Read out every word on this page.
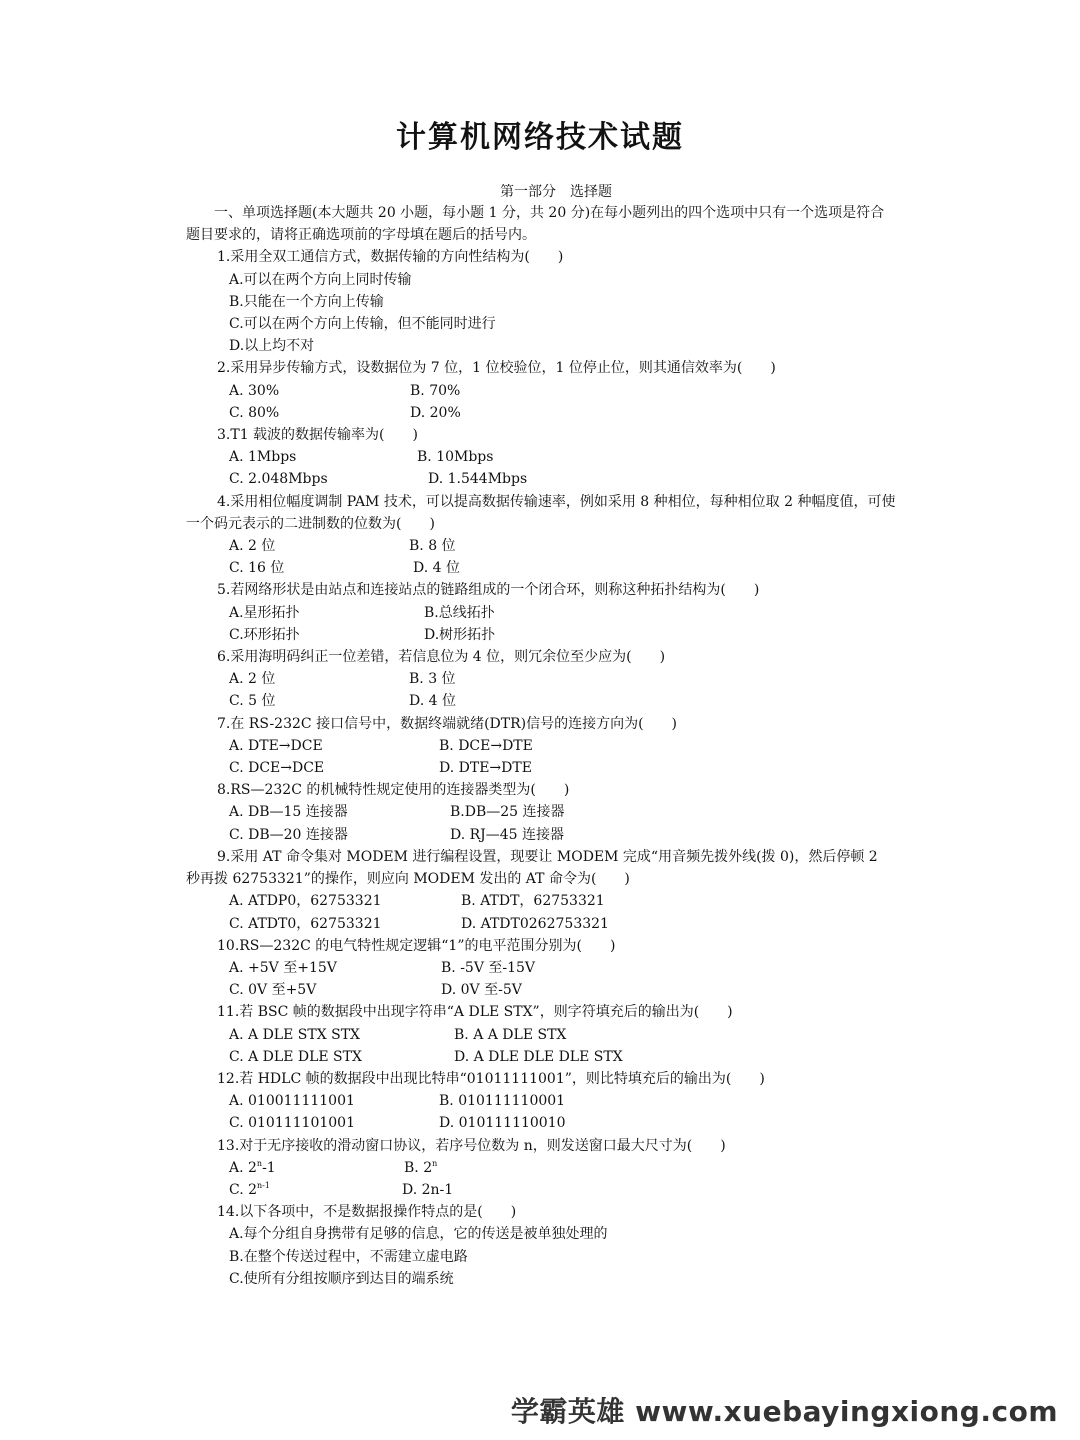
计算机网络技术试题
第一部分　选择题

一、单项选择题(本大题共 20 小题，每小题 1 分，共 20 分)在每小题列出的四个选项中只有一个选项是符合题目要求的，请将正确选项前的字母填在题后的括号内。

1.采用全双工通信方式，数据传输的方向性结构为(　　)

A.可以在两个方向上同时传输

B.只能在一个方向上传输

C.可以在两个方向上传输，但不能同时进行

D.以上均不对

2.采用异步传输方式，设数据位为 7 位，1 位校验位，1 位停止位，则其通信效率为(　　)

A. 30%	B. 70%
C. 80%	D. 20%

3.T1 载波的数据传输率为(　　)

A. 1Mbps	B. 10Mbps
C. 2.048Mbps	D. 1.544Mbps

4.采用相位幅度调制 PAM 技术，可以提高数据传输速率，例如采用 8 种相位，每种相位取 2 种幅度值，可使一个码元表示的二进制数的位数为(　　)

A. 2 位	B. 8 位
C. 16 位	D. 4 位

5.若网络形状是由站点和连接站点的链路组成的一个闭合环，则称这种拓扑结构为(　　)

A.星形拓扑	B.总线拓扑
C.环形拓扑	D.树形拓扑

6.采用海明码纠正一位差错，若信息位为 4 位，则冗余位至少应为(　　)

A. 2 位	B. 3 位
C. 5 位	D. 4 位

7.在 RS-232C 接口信号中，数据终端就绪(DTR)信号的连接方向为(　　)

A. DTE→DCE	B. DCE→DTE
C. DCE→DCE	D. DTE→DTE

8.RS—232C 的机械特性规定使用的连接器类型为(　　)

A. DB—15 连接器	B.DB—25 连接器
C. DB—20 连接器	D. RJ—45 连接器

9.采用 AT 命令集对 MODEM 进行编程设置，现要让 MODEM 完成“用音频先拨外线(拨 0)，然后停顿 2 秒再拨 62753321”的操作，则应向 MODEM 发出的 AT 命令为(　　)

A. ATDP0，62753321	B. ATDT，62753321
C. ATDT0，62753321	D. ATDT0262753321

10.RS—232C 的电气特性规定逻辑“1”的电平范围分别为(　　)

A. +5V 至+15V	B. -5V 至-15V
C. 0V 至+5V	D. 0V 至-5V

11.若 BSC 帧的数据段中出现字符串“A DLE STX”，则字符填充后的输出为(　　)

A. A DLE STX STX	B. A A DLE STX
C. A DLE DLE STX	D. A DLE DLE DLE STX

12.若 HDLC 帧的数据段中出现比特串“01011111001”，则比特填充后的输出为(　　)

A. 010011111001	B. 010111110001
C. 010111101001	D. 010111110010

13.对于无序接收的滑动窗口协议，若序号位数为 n，则发送窗口最大尺寸为(　　)

A. 2$^n$-1	B. 2$^n$
C. 2$^{n-1}$	D. 2n-1

14.以下各项中，不是数据报操作特点的是(　　)

A.每个分组自身携带有足够的信息，它的传送是被单独处理的

B.在整个传送过程中，不需建立虚电路

C.使所有分组按顺序到达目的端系统

学霸英雄 www.xuebayingxiong.com
